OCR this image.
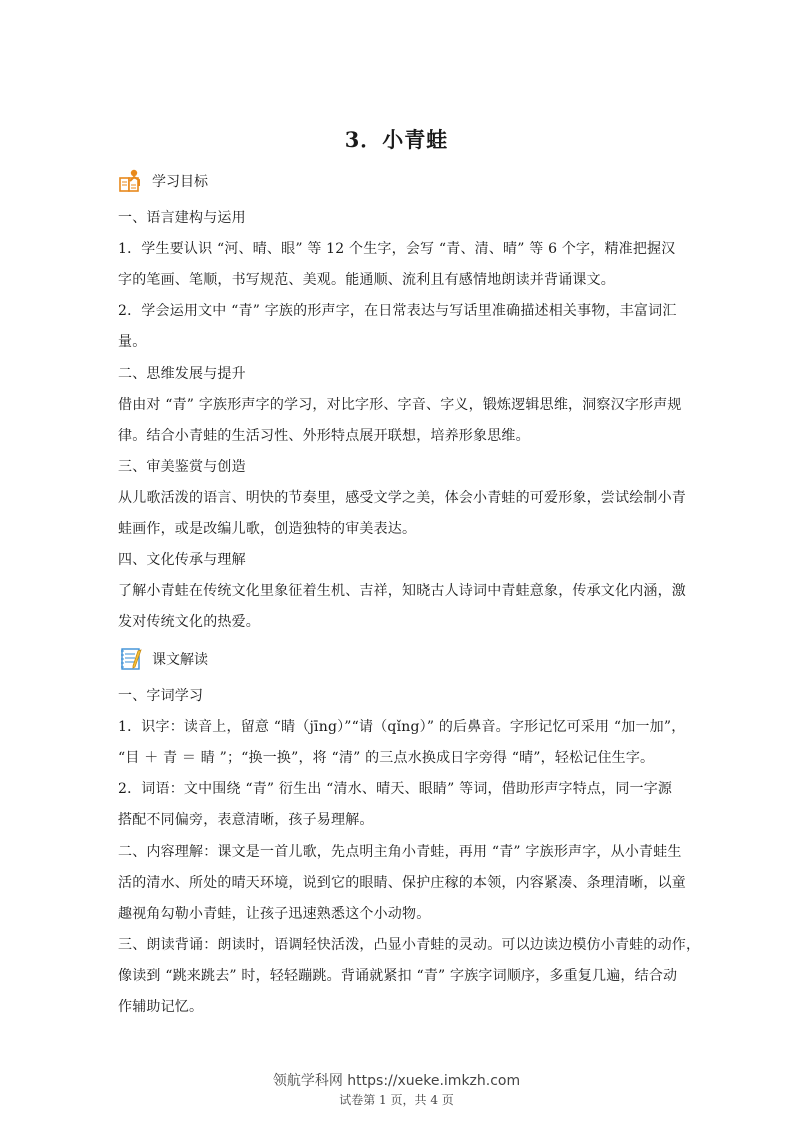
3．小青蛙
学习目标
一、语言建构与运用
1．学生要认识 “河、晴、眼” 等 12 个生字，会写 “青、清、晴” 等 6 个字，精准把握汉
字的笔画、笔顺，书写规范、美观。能通顺、流利且有感情地朗读并背诵课文。
2．学会运用文中 “青” 字族的形声字，在日常表达与写话里准确描述相关事物，丰富词汇
量。
二、思维发展与提升
借由对 “青” 字族形声字的学习，对比字形、字音、字义，锻炼逻辑思维，洞察汉字形声规
律。结合小青蛙的生活习性、外形特点展开联想，培养形象思维。
三、审美鉴赏与创造
从儿歌活泼的语言、明快的节奏里，感受文学之美，体会小青蛙的可爱形象，尝试绘制小青
蛙画作，或是改编儿歌，创造独特的审美表达。
四、文化传承与理解
了解小青蛙在传统文化里象征着生机、吉祥，知晓古人诗词中青蛙意象，传承文化内涵，激
发对传统文化的热爱。
课文解读
一、字词学习
1．识字：读音上，留意 “睛（jīng）”“请（qǐng）” 的后鼻音。字形记忆可采用 “加一加”，
“目 ＋ 青 ＝ 睛 ”；“换一换”，将 “清” 的三点水换成日字旁得 “晴”，轻松记住生字。
2．词语：文中围绕 “青” 衍生出 “清水、晴天、眼睛” 等词，借助形声字特点，同一字源
搭配不同偏旁，表意清晰，孩子易理解。
二、内容理解：课文是一首儿歌，先点明主角小青蛙，再用 “青” 字族形声字，从小青蛙生
活的清水、所处的晴天环境，说到它的眼睛、保护庄稼的本领，内容紧凑、条理清晰，以童
趣视角勾勒小青蛙，让孩子迅速熟悉这个小动物。
三、朗读背诵：朗读时，语调轻快活泼，凸显小青蛙的灵动。可以边读边模仿小青蛙的动作，
像读到 “跳来跳去” 时，轻轻蹦跳。背诵就紧扣 “青” 字族字词顺序，多重复几遍，结合动
作辅助记忆。
领航学科网 https://xueke.imkzh.com
试卷第 1 页，共 4 页
